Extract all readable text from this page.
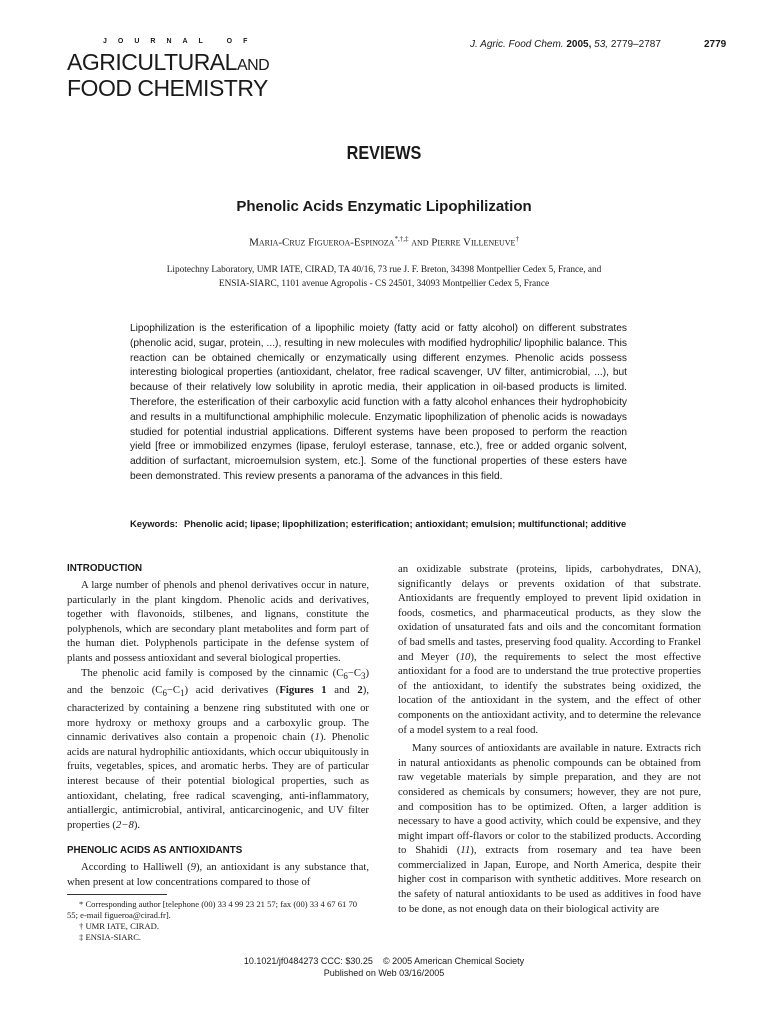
JOURNAL OF
AGRICULTURALAND
FOOD CHEMISTRY
J. Agric. Food Chem. 2005, 53, 2779–2787	2779
REVIEWS
Phenolic Acids Enzymatic Lipophilization
Maria-Cruz Figueroa-Espinoza*,†,‡ and Pierre Villeneuve†
Lipotechny Laboratory, UMR IATE, CIRAD, TA 40/16, 73 rue J. F. Breton, 34398 Montpellier Cedex 5, France, and
ENSIA-SIARC, 1101 avenue Agropolis - CS 24501, 34093 Montpellier Cedex 5, France
Lipophilization is the esterification of a lipophilic moiety (fatty acid or fatty alcohol) on different substrates (phenolic acid, sugar, protein, ...), resulting in new molecules with modified hydrophilic/ lipophilic balance. This reaction can be obtained chemically or enzymatically using different enzymes. Phenolic acids possess interesting biological properties (antioxidant, chelator, free radical scavenger, UV filter, antimicrobial, ...), but because of their relatively low solubility in aprotic media, their application in oil-based products is limited. Therefore, the esterification of their carboxylic acid function with a fatty alcohol enhances their hydrophobicity and results in a multifunctional amphiphilic molecule. Enzymatic lipophilization of phenolic acids is nowadays studied for potential industrial applications. Different systems have been proposed to perform the reaction yield [free or immobilized enzymes (lipase, feruloyl esterase, tannase, etc.), free or added organic solvent, addition of surfactant, microemulsion system, etc.]. Some of the functional properties of these esters have been demonstrated. This review presents a panorama of the advances in this field.
Keywords: Phenolic acid; lipase; lipophilization; esterification; antioxidant; emulsion; multifunctional; additive
INTRODUCTION

A large number of phenols and phenol derivatives occur in nature, particularly in the plant kingdom. Phenolic acids and derivatives, together with flavonoids, stilbenes, and lignans, constitute the polyphenols, which are secondary plant metabolites and form part of the human diet. Polyphenols participate in the defense system of plants and possess antioxidant and several biological properties.

The phenolic acid family is composed by the cinnamic $(C_6-C_3)$ and the benzoic $(C_6-C_1)$ acid derivatives (Figures 1 and 2), characterized by containing a benzene ring substituted with one or more hydroxy or methoxy groups and a carboxylic group. The cinnamic derivatives also contain a propenoic chain (1). Phenolic acids are natural hydrophilic antioxidants, which occur ubiquitously in fruits, vegetables, spices, and aromatic herbs. They are of particular interest because of their potential biological properties, such as antioxidant, chelating, free radical scavenging, anti-inflammatory, antiallergic, antimicrobial, antiviral, anticarcinogenic, and UV filter properties (2−8).

PHENOLIC ACIDS AS ANTIOXIDANTS

According to Halliwell (9), an antioxidant is any substance that, when present at low concentrations compared to those of

* Corresponding author [telephone (00) 33 4 99 23 21 57; fax (00) 33 4 67 61 70 55; e-mail figueroa@cirad.fr].

† UMR IATE, CIRAD.

‡ ENSIA-SIARC.

an oxidizable substrate (proteins, lipids, carbohydrates, DNA), significantly delays or prevents oxidation of that substrate. Antioxidants are frequently employed to prevent lipid oxidation in foods, cosmetics, and pharmaceutical products, as they slow the oxidation of unsaturated fats and oils and the concomitant formation of bad smells and tastes, preserving food quality. According to Frankel and Meyer (10), the requirements to select the most effective antioxidant for a food are to understand the true protective properties of the antioxidant, to identify the substrates being oxidized, the location of the antioxidant in the system, and the effect of other components on the antioxidant activity, and to determine the relevance of a model system to a real food.

Many sources of antioxidants are available in nature. Extracts rich in natural antioxidants as phenolic compounds can be obtained from raw vegetable materials by simple preparation, and they are not considered as chemicals by consumers; however, they are not pure, and composition has to be optimized. Often, a larger addition is necessary to have a good activity, which could be expensive, and they might impart off-flavors or color to the stabilized products. According to Shahidi (11), extracts from rosemary and tea have been commercialized in Japan, Europe, and North America, despite their higher cost in comparison with synthetic additives. More research on the safety of natural antioxidants to be used as additives in food have to be done, as not enough data on their biological activity are

10.1021/jf0484273 CCC: $30.25 © 2005 American Chemical Society
Published on Web 03/16/2005
